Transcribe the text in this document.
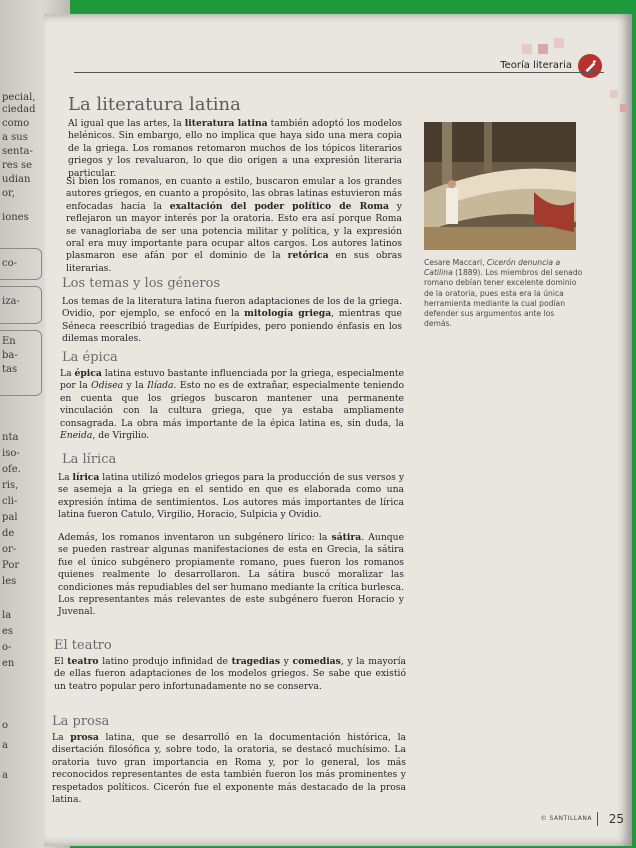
pecial,
ciedad
como
a sus
senta-
res se
udian
or,
iones
co-
iza-
En
ba-
tas
nta
iso-
ofe.
ris,
cli-
pal
de
or-
Por
les
la
es
o-
en
o
a
a
Teoría literaria
La literatura latina

Al igual que las artes, la literatura latina también adoptó los modelos helénicos. Sin embargo, ello no implica que haya sido una mera copia de la griega. Los romanos retomaron muchos de los tópicos literarios griegos y los revaluaron, lo que dio origen a una expresión literaria particular.

Si bien los romanos, en cuanto a estilo, buscaron emular a los grandes autores griegos, en cuanto a propósito, las obras latinas estuvieron más enfocadas hacia la exaltación del poder político de Roma y reflejaron un mayor interés por la oratoria. Esto era así porque Roma se vanagloriaba de ser una potencia militar y política, y la expresión oral era muy importante para ocupar altos cargos. Los autores latinos plasmaron ese afán por el dominio de la retórica en sus obras literarias.

Los temas y los géneros

Los temas de la literatura latina fueron adaptaciones de los de la griega. Ovidio, por ejemplo, se enfocó en la mitología griega, mientras que Séneca reescribió tragedias de Eurípides, pero poniendo énfasis en los dilemas morales.

La épica

La épica latina estuvo bastante influenciada por la griega, especialmente por la Odisea y la Ilíada. Esto no es de extrañar, especialmente teniendo en cuenta que los griegos buscaron mantener una permanente vinculación con la cultura griega, que ya estaba ampliamente consagrada. La obra más importante de la épica latina es, sin duda, la Eneida, de Virgilio.

La lírica

La lírica latina utilizó modelos griegos para la producción de sus versos y se asemeja a la griega en el sentido en que es elaborada como una expresión íntima de sentimientos. Los autores más importantes de lírica latina fueron Catulo, Virgilio, Horacio, Sulpicia y Ovidio.

Además, los romanos inventaron un subgénero lírico: la sátira. Aunque se pueden rastrear algunas manifestaciones de esta en Grecia, la sátira fue el único subgénero propiamente romano, pues fueron los romanos quienes realmente lo desarrollaron. La sátira buscó moralizar las condiciones más repudiables del ser humano mediante la crítica burlesca. Los representantes más relevantes de este subgénero fueron Horacio y Juvenal.

El teatro

El teatro latino produjo infinidad de tragedias y comedias, y la mayoría de ellas fueron adaptaciones de los modelos griegos. Se sabe que existió un teatro popular pero infortunadamente no se conserva.

La prosa

La prosa latina, que se desarrolló en la documentación histórica, la disertación filosófica y, sobre todo, la oratoria, se destacó muchísimo. La oratoria tuvo gran importancia en Roma y, por lo general, los más reconocidos representantes de esta también fueron los más prominentes y respetados políticos. Cicerón fue el exponente más destacado de la prosa latina.

Cesare Maccari, Cicerón denuncia a Catilina (1889). Los miembros del senado romano debían tener excelente dominio de la oratoria, pues esta era la única herramienta mediante la cual podían defender sus argumentos ante los demás.
© SANTILLANA 25
